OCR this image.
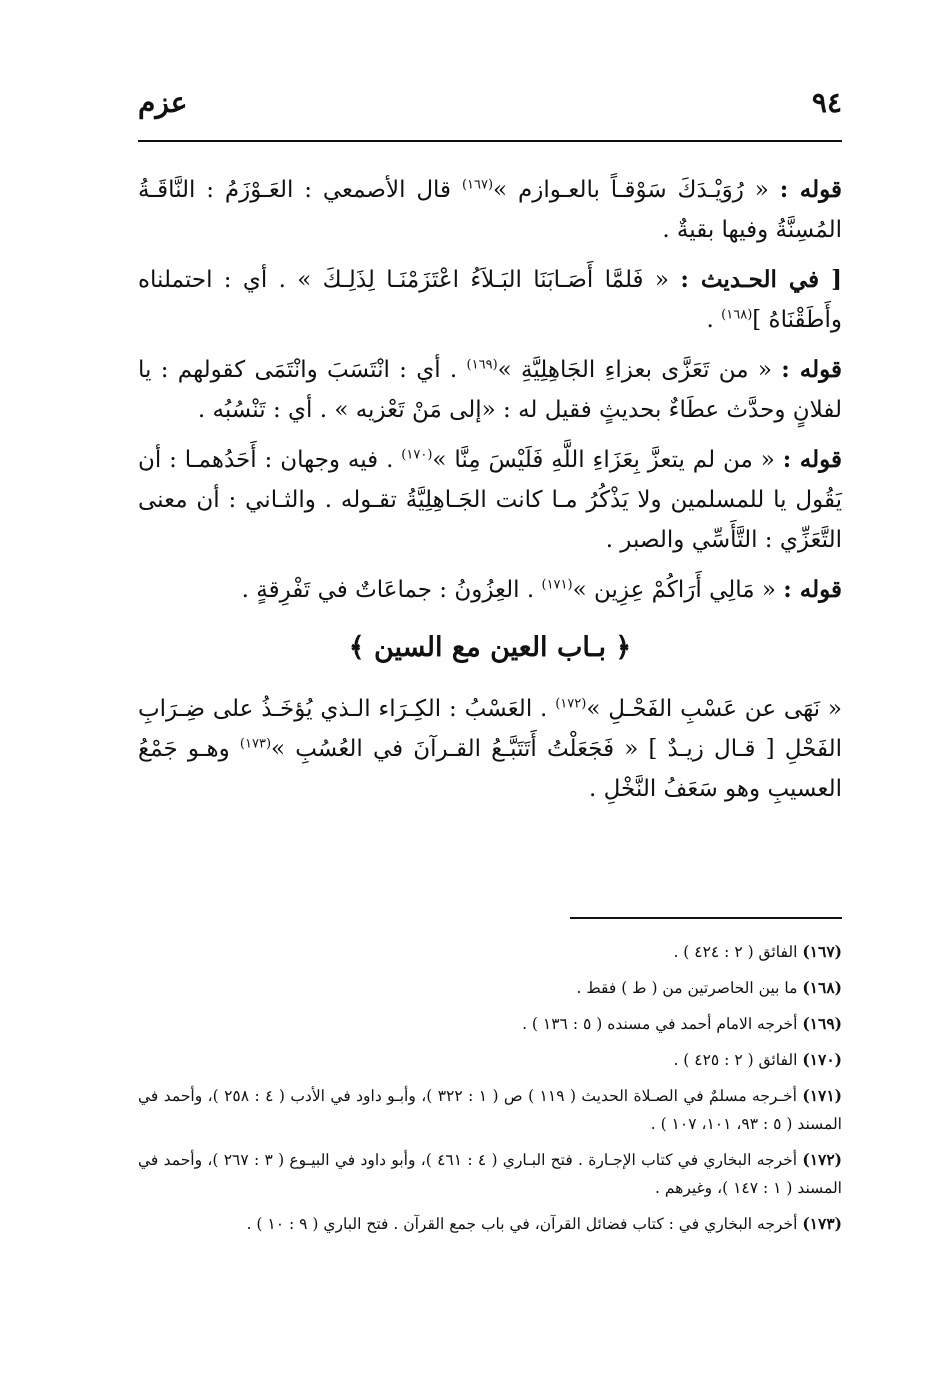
٩٤
عزم

قوله : « رُوَيْـدَكَ سَوْقـاً بالعـوازم »$^{(١٦٧)}$ قال الأصمعي : العَـوْزَمُ : النَّاقَـةُ المُسِنَّةُ وفيها بقيةٌ .

[ في الحـديث : « فَلمَّا أَصَـابَنَا البَـلاَءُ اعْتَزَمْنَـا لِذَلِـكَ » . أي : احتملناه وأَطَقْنَاهُ ]$^{(١٦٨)}$ .

قوله : « من تَعَزَّى بعزاءِ الجَاهِلِيَّةِ »$^{(١٦٩)}$ . أي : انْتَسَبَ وانْتَمَى كقولهم : يا لفلانٍ وحدَّث عطَاءٌ بحديثٍ فقيل له : «إلى مَنْ تَعْزيه » . أي : تَنْسُبُه .

قوله : « من لم يتعزَّ بِعَزَاءِ اللَّهِ فَلَيْسَ مِنَّا »$^{(١٧٠)}$ . فيه وجهان : أَحَدُهمـا : أن يَقُول يا للمسلمين ولا يَذْكُرُ مـا كانت الجَـاهِلِيَّةُ تقـوله . والثـاني : أن معنى التَّعَزِّي : التَّأَسِّي والصبر .

قوله : « مَالِي أَرَاكُمْ عِزِين »$^{(١٧١)}$ . العِزُونُ : جماعَاتٌ في تَفْرِقةٍ .

﴿ بـاب العين مع السين ﴾

« نَهَى عن عَسْبِ الفَحْـلِ »$^{(١٧٢)}$ . العَسْبُ : الكِـرَاء الـذي يُؤخَـذُ على ضِـرَابِ الفَحْلِ [ قـال زيـدٌ ] « فَجَعَلْتُ أَتَتَبَّـعُ القـرآنَ في العُسُبِ »$^{(١٧٣)}$ وهـو جَمْعُ العسيبِ وهو سَعَفُ النَّخْلِ .

(١٦٧) الفائق ( ٢ : ٤٢٤ ) .

(١٦٨) ما بين الحاصرتين من ( ط ) فقط .

(١٦٩) أخرجه الامام أحمد في مسنده ( ٥ : ١٣٦ ) .

(١٧٠) الفائق ( ٢ : ٤٢٥ ) .

(١٧١) أخـرجه مسلمٌ في الصـلاة الحديث ( ١١٩ ) ص ( ١ : ٣٢٢ )، وأبـو داود في الأدب ( ٤ : ٢٥٨ )، وأحمد في المسند ( ٥ : ٩٣، ١٠١، ١٠٧ ) .

(١٧٢) أخرجه البخاري في كتاب الإجـارة . فتح البـاري ( ٤ : ٤٦١ )، وأبو داود في البيـوع ( ٣ : ٢٦٧ )، وأحمد في المسند ( ١ : ١٤٧ )، وغيرهم .

(١٧٣) أخرجه البخاري في : كتاب فضائل القرآن، في باب جمع القرآن . فتح الباري ( ٩ : ١٠ ) .
